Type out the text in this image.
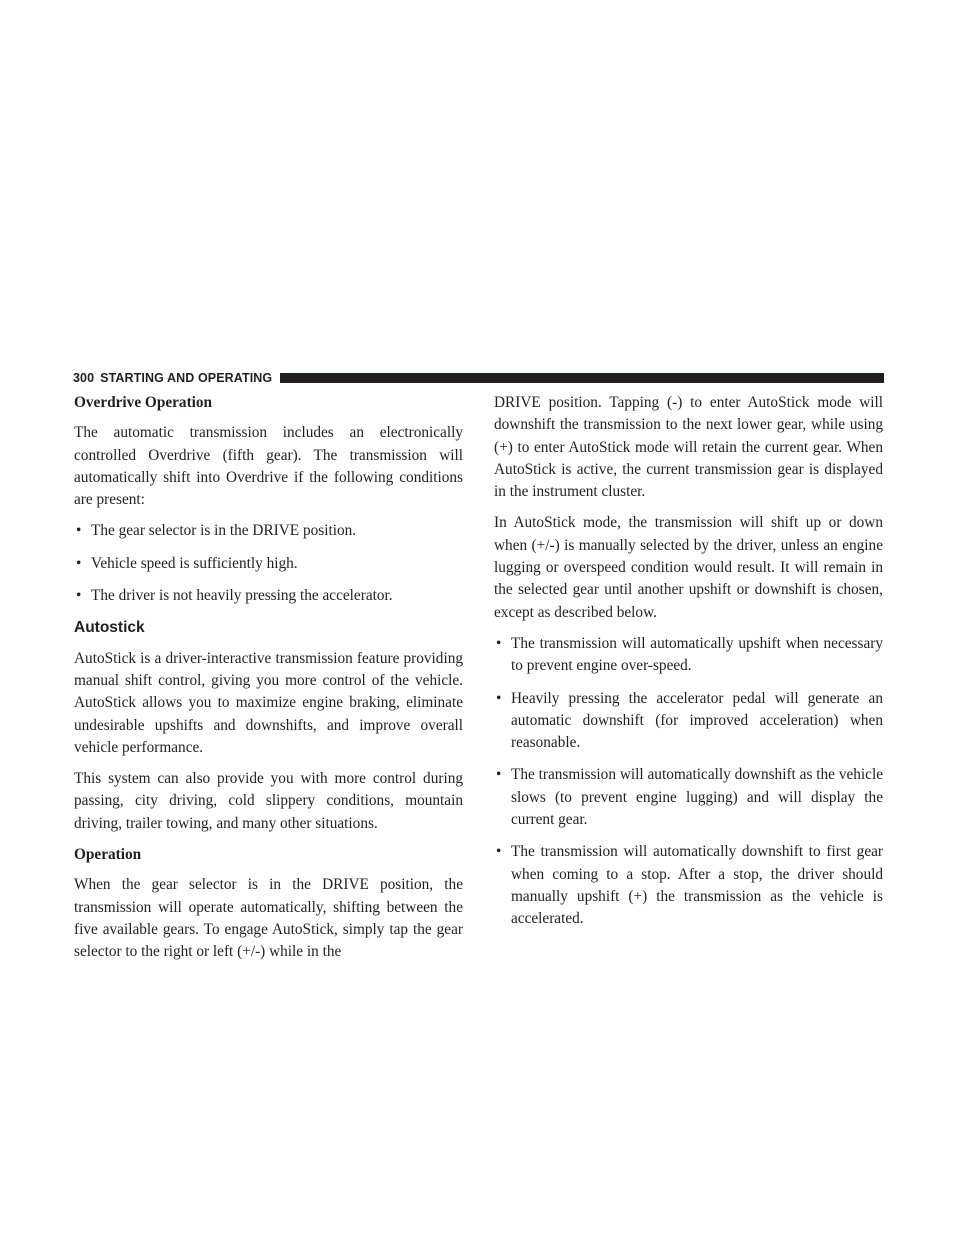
300 STARTING AND OPERATING
Overdrive Operation

The automatic transmission includes an electronically controlled Overdrive (fifth gear). The transmission will automatically shift into Overdrive if the following conditions are present:

• The gear selector is in the DRIVE position.
• Vehicle speed is sufficiently high.
• The driver is not heavily pressing the accelerator.
Autostick

AutoStick is a driver-interactive transmission feature providing manual shift control, giving you more control of the vehicle. AutoStick allows you to maximize engine braking, eliminate undesirable upshifts and downshifts, and improve overall vehicle performance.

This system can also provide you with more control during passing, city driving, cold slippery conditions, mountain driving, trailer towing, and many other situations.

Operation

When the gear selector is in the DRIVE position, the transmission will operate automatically, shifting between the five available gears. To engage AutoStick, simply tap the gear selector to the right or left (+/-) while in the

DRIVE position. Tapping (-) to enter AutoStick mode will downshift the transmission to the next lower gear, while using (+) to enter AutoStick mode will retain the current gear. When AutoStick is active, the current transmission gear is displayed in the instrument cluster.

In AutoStick mode, the transmission will shift up or down when (+/-) is manually selected by the driver, unless an engine lugging or overspeed condition would result. It will remain in the selected gear until another upshift or downshift is chosen, except as described below.

• The transmission will automatically upshift when necessary to prevent engine over-speed.
• Heavily pressing the accelerator pedal will generate an automatic downshift (for improved acceleration) when reasonable.
• The transmission will automatically downshift as the vehicle slows (to prevent engine lugging) and will display the current gear.
• The transmission will automatically downshift to first gear when coming to a stop. After a stop, the driver should manually upshift (+) the transmission as the vehicle is accelerated.
